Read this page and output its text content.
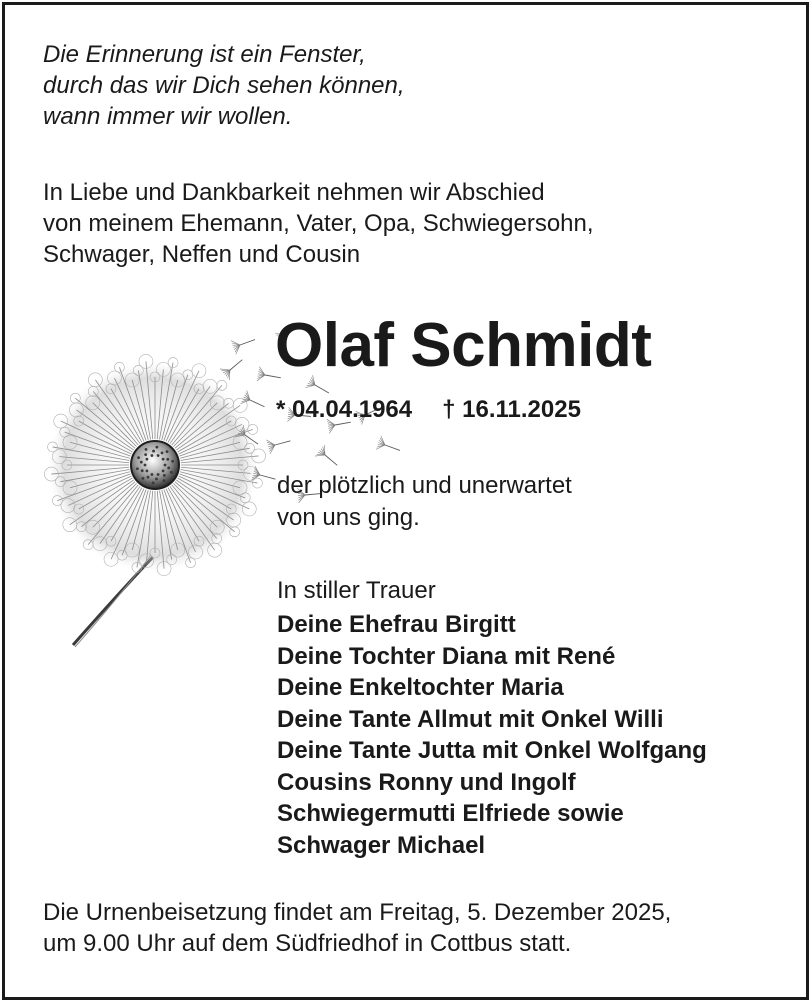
Die Erinnerung ist ein Fenster,
durch das wir Dich sehen können,
wann immer wir wollen.
In Liebe und Dankbarkeit nehmen wir Abschied
von meinem Ehemann, Vater, Opa, Schwiegersohn,
Schwager, Neffen und Cousin
Olaf Schmidt
* 04.04.1964 † 16.11.2025
der plötzlich und unerwartet
von uns ging.
In stiller Trauer
Deine Ehefrau Birgitt
Deine Tochter Diana mit René
Deine Enkeltochter Maria
Deine Tante Allmut mit Onkel Willi
Deine Tante Jutta mit Onkel Wolfgang
Cousins Ronny und Ingolf
Schwiegermutti Elfriede sowie
Schwager Michael
Die Urnenbeisetzung findet am Freitag, 5. Dezember 2025,
um 9.00 Uhr auf dem Südfriedhof in Cottbus statt.
